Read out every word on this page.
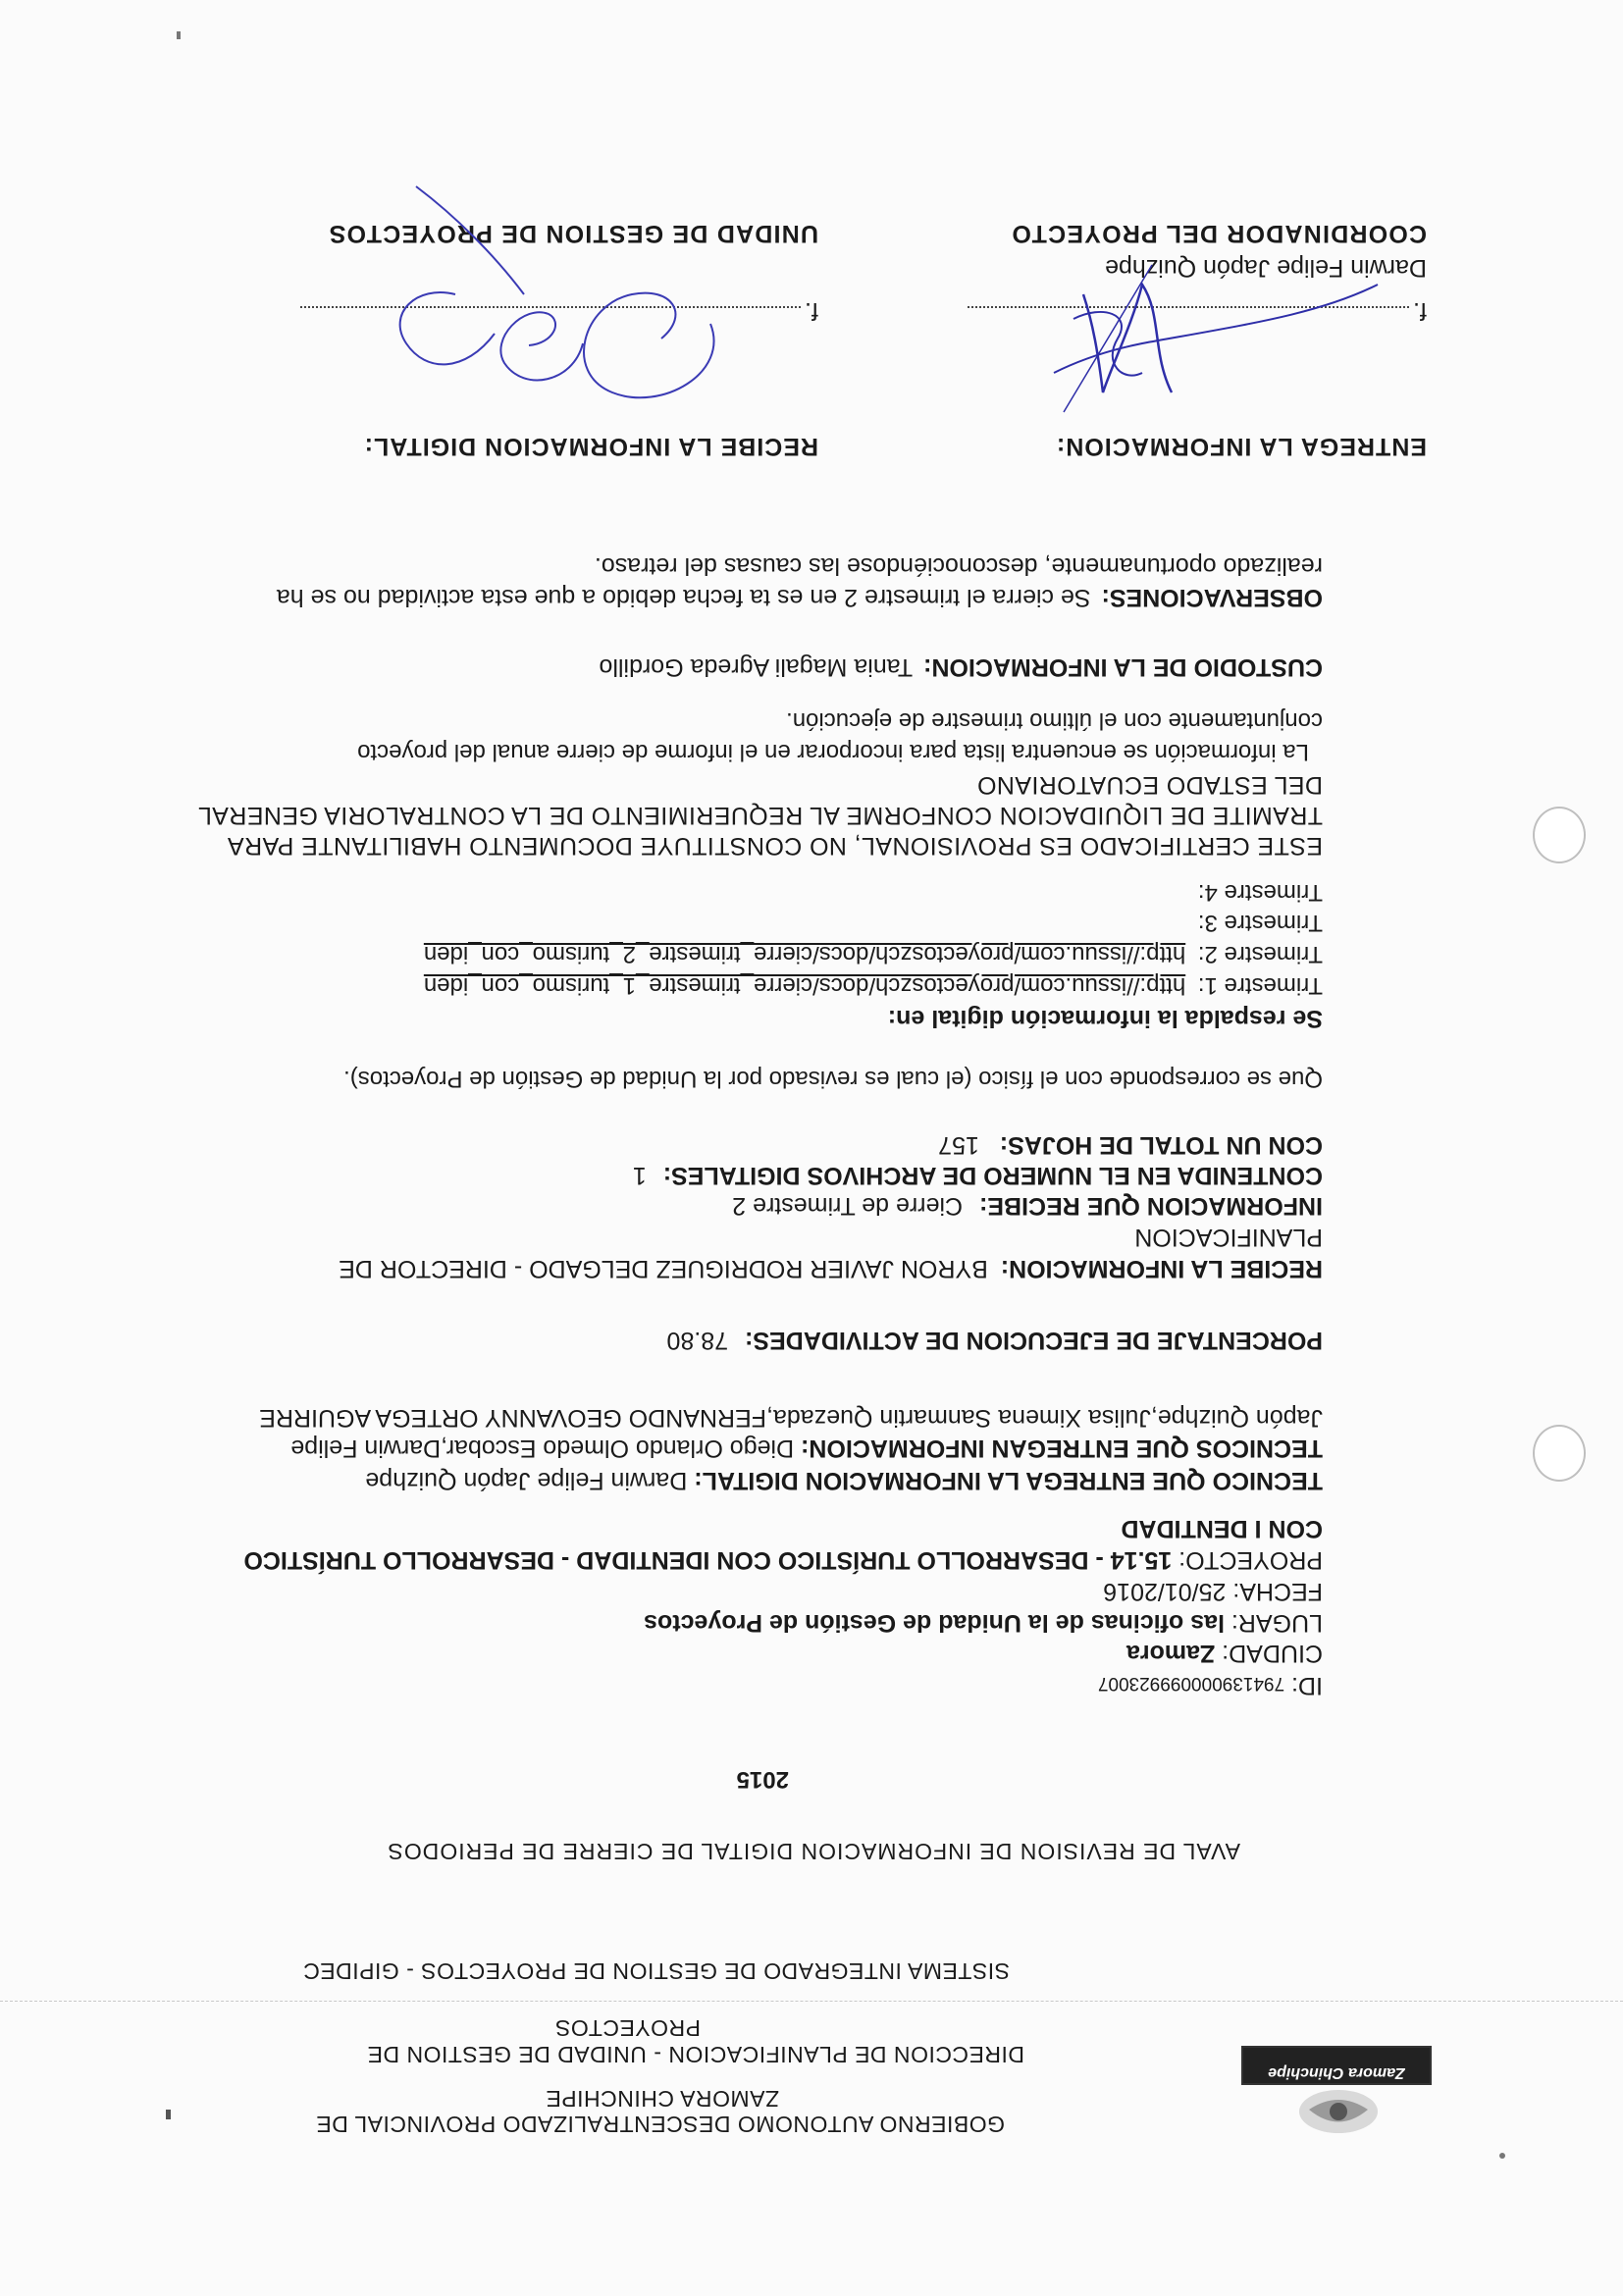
Zamora Chinchipe
GOBIERNO AUTONOMO DESCENTRALIZADO PROVINCIAL DE
ZAMORA CHINCHIPE
DIRECCION DE PLANIFICACION - UNIDAD DE GESTION DE
PROYECTOS
SISTEMA INTEGRADO DE GESTION DE PROYECTOS - GIPIDEC
AVAL DE REVISION DE INFORMACION DIGITAL DE CIERRE DE PERIODOS
2015
ID: 794139000099923007
CIUDAD: Zamora
LUGAR: las oficinas de la Unidad de Gestión de Proyectos
FECHA: 25/01/2016
PROYECTO: 15.14 - DESARROLLO TURÍSTICO CON IDENTIDAD - DESARROLLO TURÍSTICO
CON I DENTIDAD
TECNICO QUE ENTREGA LA INFORMACION DIGITAL: Darwin Felipe Japón Quizhpe
TECNICOS QUE ENTREGAN INFORMACION: Diego Orlando Olmedo Escobar,Darwin Felipe
Japón Quizhpe,Julisa Ximena Sanmartin Quezada,FERNANDO GEOVANNY ORTEGA AGUIRRE
PORCENTAJE DE EJECUCION DE ACTIVIDADES: 78.80
RECIBE LA INFORMACION: BYRON JAVIER RODRIGUEZ DELGADO - DIRECTOR DE
PLANIFICACION
INFORMACION QUE RECIBE: Cierre de Trimestre 2
CONTENIDA EN EL NUMERO DE ARCHIVOS DIGITALES: 1
CON UN TOTAL DE HOJAS: 157
Que se corresponde con el físico (el cual es revisado por la Unidad de Gestión de Proyectos).
Se respalda la información digital en:
Trimestre 1: http://issuu.com/proyectoszch/docs/cierre_trimestre_1_turismo_con_iden
Trimestre 2: http://issuu.com/proyectoszch/docs/cierre_trimestre_2_turismo_con_iden
Trimestre 3:
Trimestre 4:
ESTE CERTIFICADO ES PROVISIONAL, NO CONSTITUYE DOCUMENTO HABILITANTE PARA
TRAMITE DE LIQUIDACION CONFORME AL REQUERIMIENTO DE LA CONTRALORIA GENERAL
DEL ESTADO ECUATORIANO
La información se encuentra lista para incorporar en el informe de cierre anual del proyecto
conjuntamente con el último trimestre de ejecución.
CUSTODIO DE LA INFORMACION: Tania Magali Agreda Gordillo
OBSERVACIONES: Se cierra el trimestre 2 en es ta fecha debido a que esta actividad no se ha
realizado oportunamente, desconociéndose las causas del retraso.
ENTREGA LA INFORMACION:
RECIBE LA INFORMACION DIGITAL:
f.
f.
Darwin Felipe Japón Quizhpe
COORDINADOR DEL PROYECTO
UNIDAD DE GESTION DE PROYECTOS
